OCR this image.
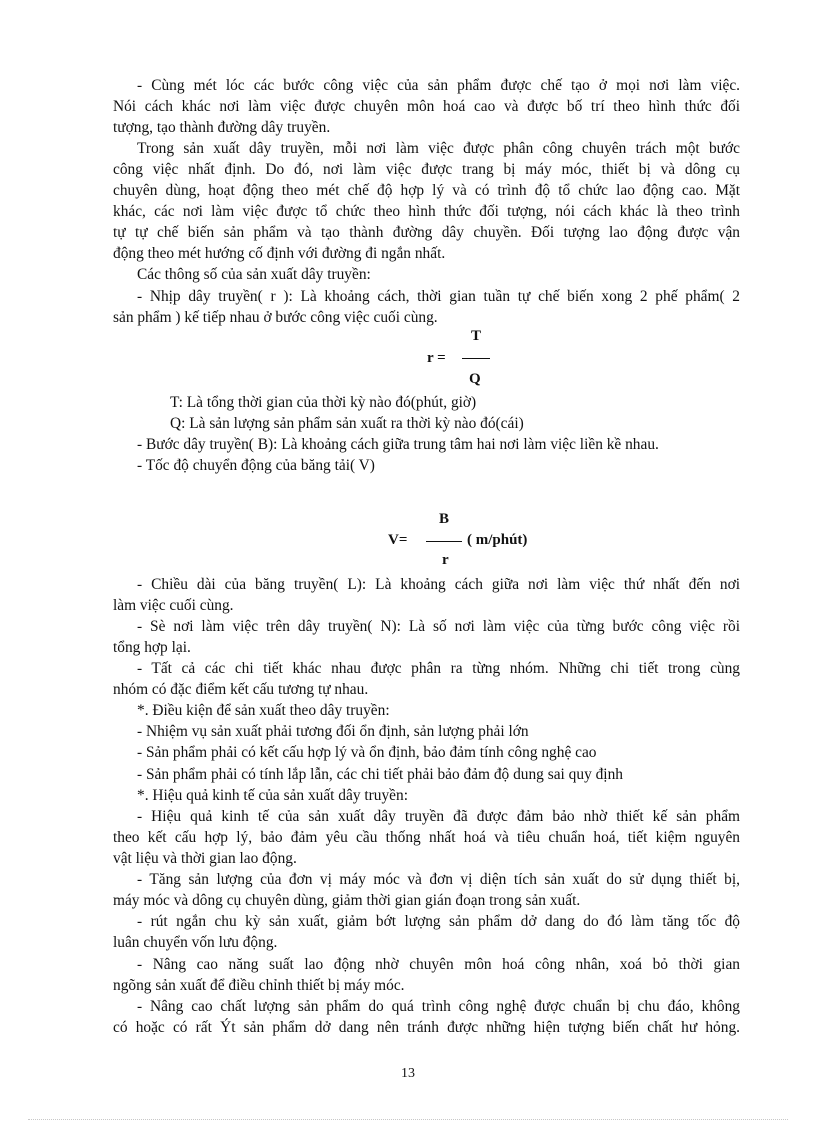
- Cùng mét lóc các bước công việc của sản phẩm được chế tạo ở mọi nơi làm việc.
Nói cách khác nơi làm việc được chuyên môn hoá cao và được bố trí theo hình thức đối
tượng, tạo thành đường dây truyền.
Trong sản xuất dây truyền, mỗi nơi làm việc được phân công chuyên trách một bước
công việc nhất định. Do đó, nơi làm việc được trang bị máy móc, thiết bị và dông cụ
chuyên dùng, hoạt động theo mét chế độ hợp lý và có trình độ tổ chức lao động cao. Mặt
khác, các nơi làm việc được tổ chức theo hình thức đối tượng, nói cách khác là theo trình
tự tự chế biến sản phẩm và tạo thành đường dây chuyền. Đối tượng lao động được vận
động theo mét hướng cố định với đường đi ngắn nhất.
Các thông số của sản xuất dây truyền:
- Nhịp dây truyền( r ): Là khoảng cách, thời gian tuần tự chế biến xong 2 phế phẩm( 2
sản phẩm ) kế tiếp nhau ở bước công việc cuối cùng.
r =
T
Q
T: Là tổng thời gian của thời kỳ nào đó(phút, giờ)
Q: Là sản lượng sản phẩm sản xuất ra thời kỳ nào đó(cái)
- Bước dây truyền( B): Là khoảng cách giữa trung tâm hai nơi làm việc liền kề nhau.
- Tốc độ chuyển động của băng tải( V)
V=
B
r
( m/phút)
- Chiều dài của băng truyền( L): Là khoảng cách giữa nơi làm việc thứ nhất đến nơi
làm việc cuối cùng.
- Sè nơi làm việc trên dây truyền( N): Là số nơi làm việc của từng bước công việc rồi
tổng hợp lại.
- Tất cả các chi tiết khác nhau được phân ra từng nhóm. Những chi tiết trong cùng
nhóm có đặc điểm kết cấu tương tự nhau.
*. Điều kiện để sản xuất theo dây truyền:
- Nhiệm vụ sản xuất phải tương đối ổn định, sản lượng phải lớn
- Sản phẩm phải có kết cấu hợp lý và ổn định, bảo đảm tính công nghệ cao
- Sản phẩm phải có tính lắp lẫn, các chi tiết phải bảo đảm độ dung sai quy định
*. Hiệu quả kinh tế của sản xuất dây truyền:
- Hiệu quả kinh tế của sản xuất dây truyền đã được đảm bảo nhờ thiết kế sản phẩm
theo kết cấu hợp lý, bảo đảm yêu cầu thống nhất hoá và tiêu chuẩn hoá, tiết kiệm nguyên
vật liệu và thời gian lao động.
- Tăng sản lượng của đơn vị máy móc và đơn vị diện tích sản xuất do sử dụng thiết bị,
máy móc và dông cụ chuyên dùng, giảm thời gian gián đoạn trong sản xuất.
- rút ngắn chu kỳ sản xuất, giảm bớt lượng sản phẩm dở dang do đó làm tăng tốc độ
luân chuyển vốn lưu động.
- Nâng cao năng suất lao động nhờ chuyên môn hoá công nhân, xoá bỏ thời gian
ngõng sản xuất để điều chỉnh thiết bị máy móc.
- Nâng cao chất lượng sản phẩm do quá trình công nghệ được chuẩn bị chu đáo, không
có hoặc có rất Ýt sản phẩm dở dang nên tránh được những hiện tượng biến chất hư hỏng.
13
